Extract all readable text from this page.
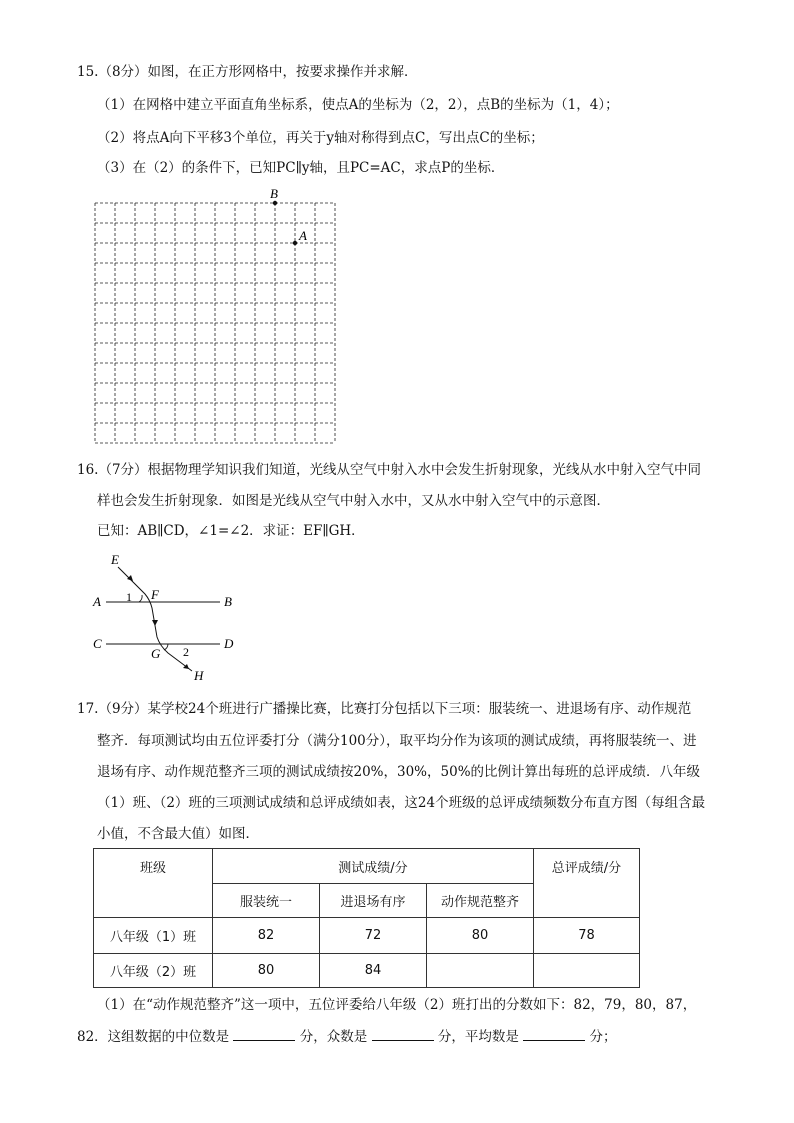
15.（8分）如图，在正方形网格中，按要求操作并求解．
（1）在网格中建立平面直角坐标系，使点A的坐标为（2，2），点B的坐标为（1，4）；
（2）将点A向下平移3个单位，再关于y轴对称得到点C，写出点C的坐标；
（3）在（2）的条件下，已知PC∥y轴，且PC=AC，求点P的坐标．
B
A
16.（7分）根据物理学知识我们知道，光线从空气中射入水中会发生折射现象，光线从水中射入空气中同
样也会发生折射现象．如图是光线从空气中射入水中，又从水中射入空气中的示意图．
已知：AB∥CD，∠1=∠2．求证：EF∥GH．
E
A 1 F	B
C	D
G 2
H
17.（9分）某学校24个班进行广播操比赛，比赛打分包括以下三项：服装统一、进退场有序、动作规范
整齐．每项测试均由五位评委打分（满分100分），取平均分作为该项的测试成绩，再将服装统一、进
退场有序、动作规范整齐三项的测试成绩按20%，30%，50%的比例计算出每班的总评成绩．八年级
（1）班、（2）班的三项测试成绩和总评成绩如表，这24个班级的总评成绩频数分布直方图（每组含最
小值，不含最大值）如图．
班级	测试成绩/分			总评成绩/分
	服装统一	进退场有序	动作规范整齐	
八年级（1）班	82	72	80	78
八年级（2）班	80	84		
（1）在“动作规范整齐”这一项中，五位评委给八年级（2）班打出的分数如下：82，79，80，87，
82．这组数据的中位数是	分，众数是	分，平均数是	分；
